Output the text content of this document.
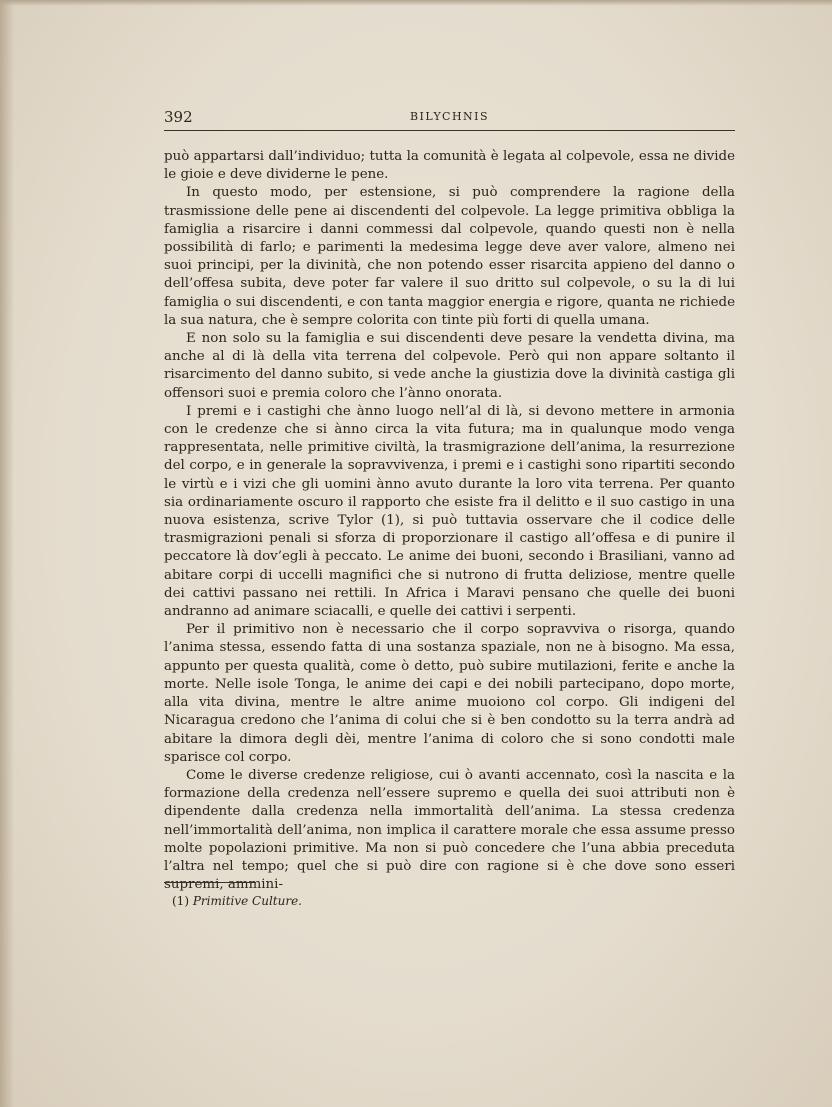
392	BILYCHNIS

può appartarsi dall’individuo; tutta la comunità è legata al colpevole, essa ne divide le gioie e deve dividerne le pene.

In questo modo, per estensione, si può comprendere la ragione della trasmissione delle pene ai discendenti del colpevole. La legge primitiva obbliga la famiglia a risarcire i danni commessi dal colpevole, quando questi non è nella possibilità di farlo; e parimenti la medesima legge deve aver valore, almeno nei suoi principi, per la divinità, che non potendo esser risarcita appieno del danno o dell’offesa subita, deve poter far valere il suo dritto sul colpevole, o su la di lui famiglia o sui discendenti, e con tanta maggior energia e rigore, quanta ne richiede la sua natura, che è sempre colorita con tinte più forti di quella umana.

E non solo su la famiglia e sui discendenti deve pesare la vendetta divina, ma anche al di là della vita terrena del colpevole. Però qui non appare soltanto il risarcimento del danno subito, si vede anche la giustizia dove la divinità castiga gli offensori suoi e premia coloro che l’ànno onorata.

I premi e i castighi che ànno luogo nell’al di là, si devono mettere in armonia con le credenze che si ànno circa la vita futura; ma in qualunque modo venga rappresentata, nelle primitive civiltà, la trasmigrazione dell’anima, la resurrezione del corpo, e in generale la sopravvivenza, i premi e i castighi sono ripartiti secondo le virtù e i vizi che gli uomini ànno avuto durante la loro vita terrena. Per quanto sia ordinariamente oscuro il rapporto che esiste fra il delitto e il suo castigo in una nuova esistenza, scrive Tylor (1), si può tuttavia osservare che il codice delle trasmigrazioni penali si sforza di proporzionare il castigo all’offesa e di punire il peccatore là dov’egli à peccato. Le anime dei buoni, secondo i Brasiliani, vanno ad abitare corpi di uccelli magnifici che si nutrono di frutta deliziose, mentre quelle dei cattivi passano nei rettili. In Africa i Maravi pensano che quelle dei buoni andranno ad animare sciacalli, e quelle dei cattivi i serpenti.

Per il primitivo non è necessario che il corpo sopravviva o risorga, quando l’anima stessa, essendo fatta di una sostanza spaziale, non ne à bisogno. Ma essa, appunto per questa qualità, come ò detto, può subire mutilazioni, ferite e anche la morte. Nelle isole Tonga, le anime dei capi e dei nobili partecipano, dopo morte, alla vita divina, mentre le altre anime muoiono col corpo. Gli indigeni del Nicaragua credono che l’anima di colui che si è ben condotto su la terra andrà ad abitare la dimora degli dèi, mentre l’anima di coloro che si sono condotti male sparisce col corpo.

Come le diverse credenze religiose, cui ò avanti accennato, così la nascita e la formazione della credenza nell’essere supremo e quella dei suoi attributi non è dipendente dalla credenza nella immortalità dell’anima. La stessa credenza nell’immortalità dell’anima, non implica il carattere morale che essa assume presso molte popolazioni primitive. Ma non si può concedere che l’una abbia preceduta l’altra nel tempo; quel che si può dire con ragione si è che dove sono esseri supremi, ammini-

(1) Primitive Culture.
